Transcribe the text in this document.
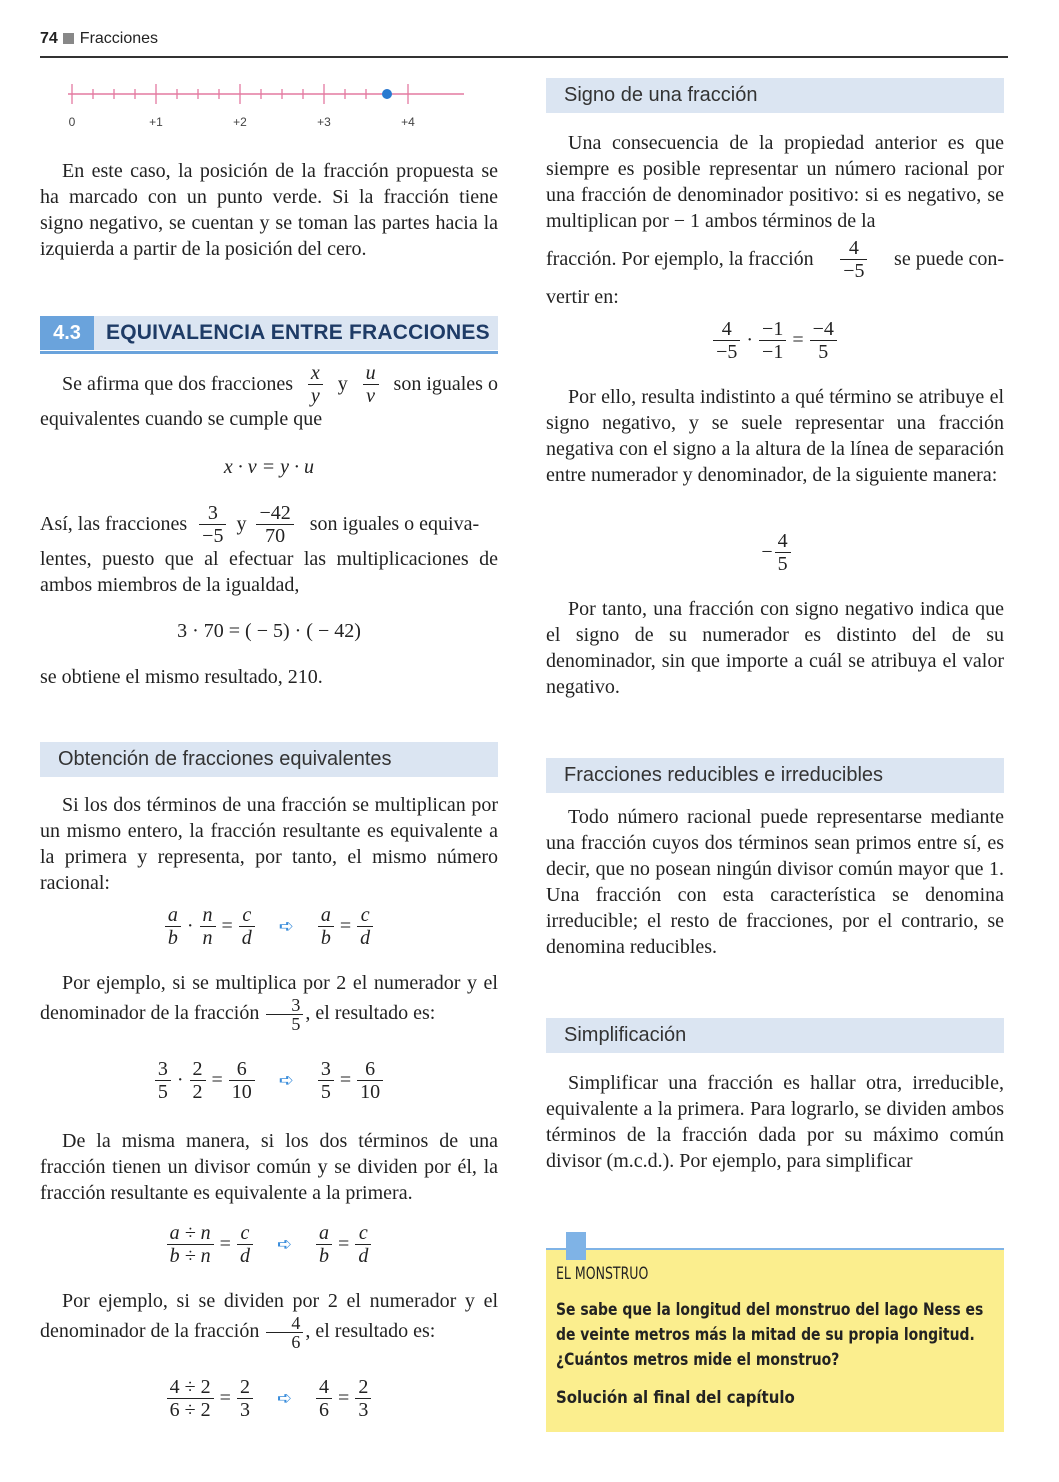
74 Fracciones
0	+1	+2	+3	+4

En este caso, la posición de la fracción propuesta se ha marcado con un punto verde. Si la fracción tiene signo negativo, se cuentan y se toman las partes hacia la izquierda a partir de la posición del cero.

4.3	EQUIVALENCIA ENTRE FRACCIONES
Se afirma que dos fracciones $\frac{x}{y}$ y $\frac{u}{v}$ son iguales o

equivalentes cuando se cumple que

x · v = y · u
Así, las fracciones $\frac{3}{-5}$ y $\frac{-42}{70}$ son iguales o equiva-

lentes, puesto que al efectuar las multiplicaciones de ambos miembros de la igualdad,

3 · 70 = ( − 5) · ( − 42)

se obtiene el mismo resultado, 210.

Obtención de fracciones equivalentes

Si los dos términos de una fracción se multiplican por un mismo entero, la fracción resultante es equivalente a la primera y representa, por tanto, el mismo número racional:

$\frac{a}{b} \cdot \frac{n}{n} = \frac{c}{d}$ ➪ $\frac{a}{b} = \frac{c}{d}$

Por ejemplo, si se multiplica por 2 el numerador y el denominador de la fracción $\frac{3}{5}$ , el resultado es:

$\frac{3}{5} \cdot \frac{2}{2} = \frac{6}{10}$ ➪ $\frac{3}{5} = \frac{6}{10}$

De la misma manera, si los dos términos de una fracción tienen un divisor común y se dividen por él, la fracción resultante es equivalente a la primera.

$\frac{a \div n}{b \div n} = \frac{c}{d}$ ➪ $\frac{a}{b} = \frac{c}{d}$

Por ejemplo, si se dividen por 2 el numerador y el denominador de la fracción $\frac{4}{6}$ , el resultado es:

$\frac{4 \div 2}{6 \div 2} = \frac{2}{3}$ ➪ $\frac{4}{6} = \frac{2}{3}$
Signo de una fracción

Una consecuencia de la propiedad anterior es que siempre es posible representar un número racional por una fracción de denominador positivo: si es negativo, se multiplican por − 1 ambos términos de la

fracción. Por ejemplo, la fracción $\frac{4}{-5}$ se puede con-

vertir en:

$\frac{4}{-5} \cdot \frac{-1}{-1} = \frac{-4}{5}$

Por ello, resulta indistinto a qué término se atribuye el signo negativo, y se suele representar una fracción negativa con el signo a la altura de la línea de separación entre numerador y denominador, de la siguiente manera:

− $\frac{4}{5}$

Por tanto, una fracción con signo negativo indica que el signo de su numerador es distinto del de su denominador, sin que importe a cuál se atribuya el valor negativo.

Fracciones reducibles e irreducibles

Todo número racional puede representarse mediante una fracción cuyos dos términos sean primos entre sí, es decir, que no posean ningún divisor común mayor que 1. Una fracción con esta característica se denomina irreducible; el resto de fracciones, por el contrario, se denomina reducibles.

Simplificación

Simplificar una fracción es hallar otra, irreducible, equivalente a la primera. Para lograrlo, se dividen ambos términos de la fracción dada por su máximo común divisor (m.c.d.). Por ejemplo, para simplificar

EL MONSTRUO
Se sabe que la longitud del monstruo del lago Ness es de veinte metros más la mitad de su propia longitud. ¿Cuántos metros mide el monstruo?
Solución al final del capítulo
